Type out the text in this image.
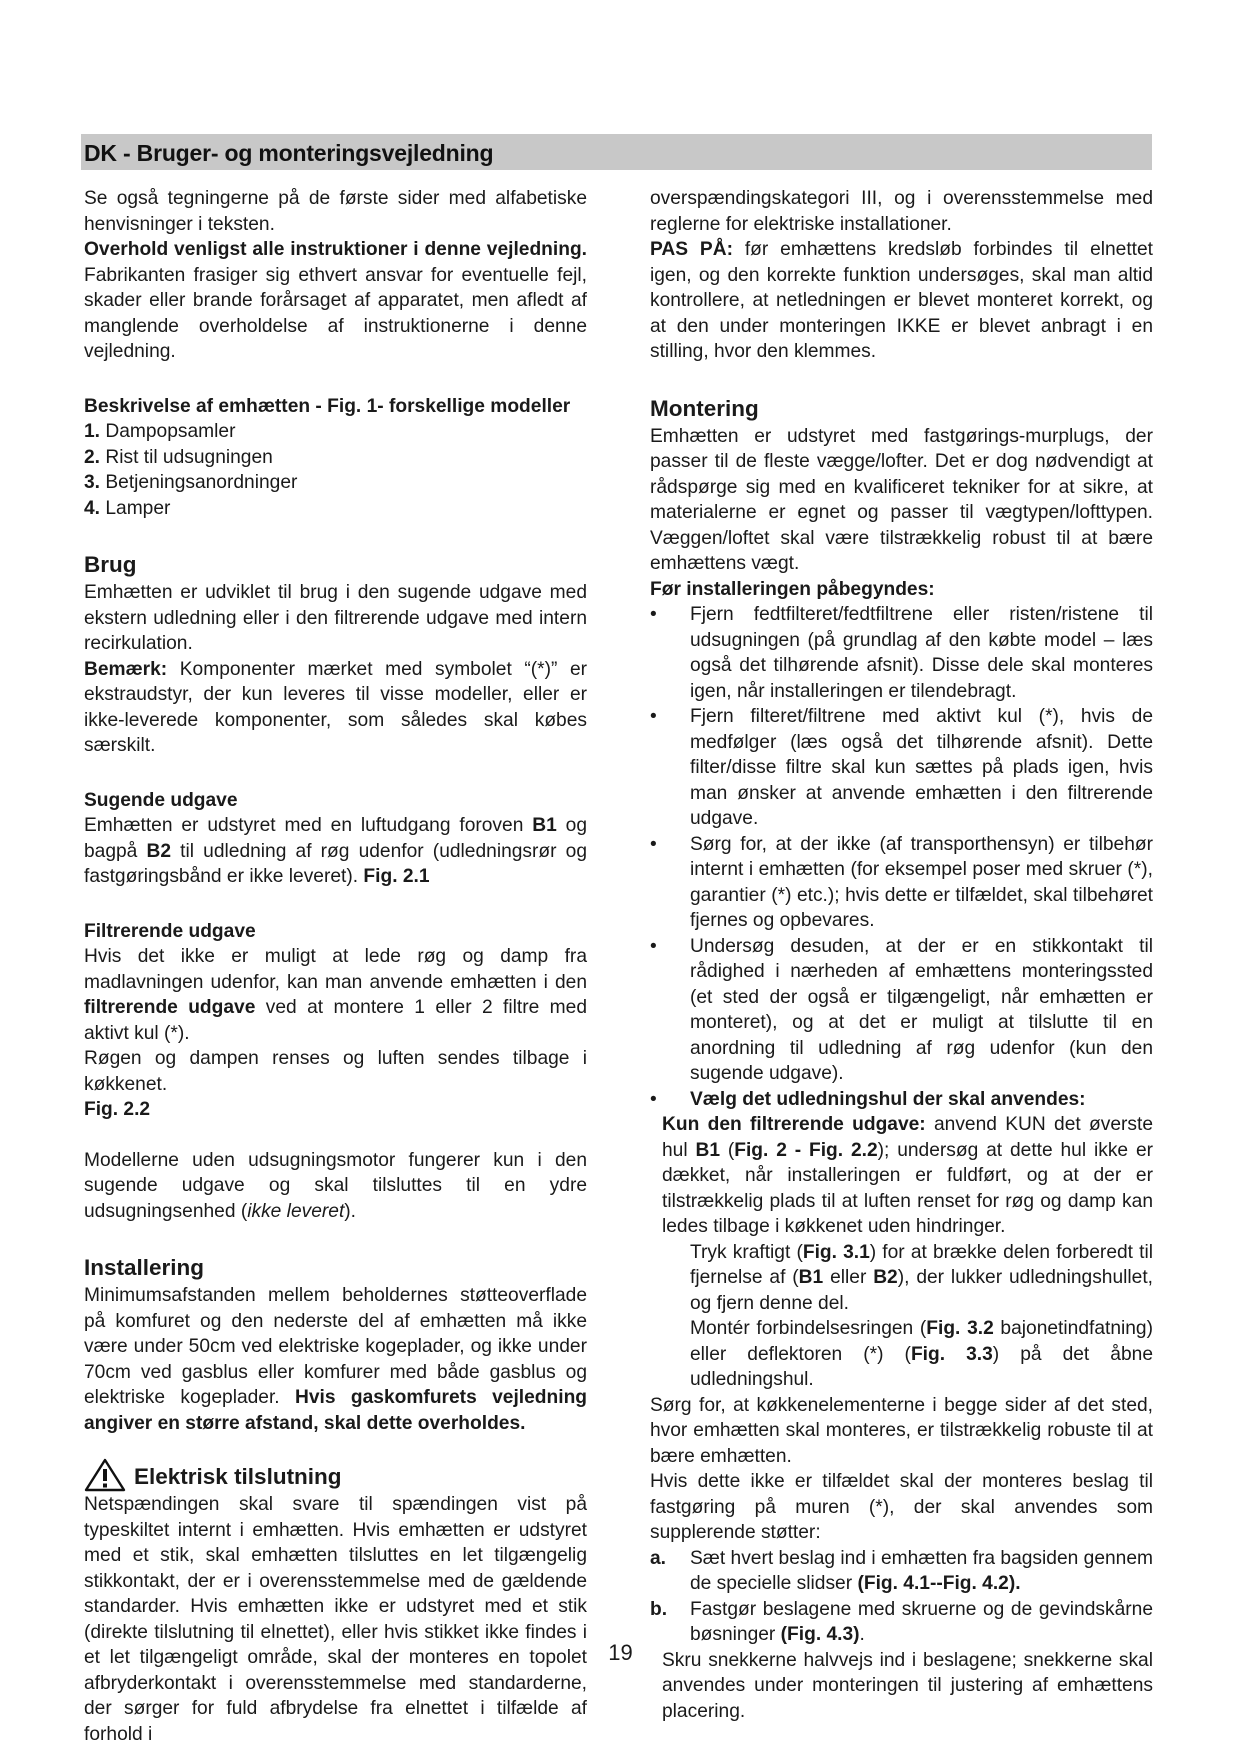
DK - Bruger- og monteringsvejledning

Se også tegningerne på de første sider med alfabetiske henvisninger i teksten.
Overhold venligst alle instruktioner i denne vejledning. Fabrikanten frasiger sig ethvert ansvar for eventuelle fejl, skader eller brande forårsaget af apparatet, men afledt af manglende overholdelse af instruktionerne i denne vejledning.

Beskrivelse af emhætten - Fig. 1- forskellige modeller
1. Dampopsamler
2. Rist til udsugningen
3. Betjeningsanordninger
4. Lamper
Brug

Emhætten er udviklet til brug i den sugende udgave med ekstern udledning eller i den filtrerende udgave med intern recirkulation.

Bemærk: Komponenter mærket med symbolet “(*)” er ekstraudstyr, der kun leveres til visse modeller, eller er ikke-leverede komponenter, som således skal købes særskilt.

Sugende udgave

Emhætten er udstyret med en luftudgang foroven B1 og bagpå B2 til udledning af røg udenfor (udledningsrør og fastgøringsbånd er ikke leveret). Fig. 2.1

Filtrerende udgave

Hvis det ikke er muligt at lede røg og damp fra madlavningen udenfor, kan man anvende emhætten i den filtrerende udgave ved at montere 1 eller 2 filtre med aktivt kul (*).
Røgen og dampen renses og luften sendes tilbage i køkkenet.
Fig. 2.2

Modellerne uden udsugningsmotor fungerer kun i den sugende udgave og skal tilsluttes til en ydre udsugningsenhed (ikke leveret).

Installering

Minimumsafstanden mellem beholdernes støtteoverflade på komfuret og den nederste del af emhætten må ikke være under 50cm ved elektriske kogeplader, og ikke under 70cm ved gasblus eller komfurer med både gasblus og elektriske kogeplader. Hvis gaskomfurets vejledning angiver en større afstand, skal dette overholdes.

Elektrisk tilslutning

Netspændingen skal svare til spændingen vist på typeskiltet internt i emhætten. Hvis emhætten er udstyret med et stik, skal emhætten tilsluttes en let tilgængelig stikkontakt, der er i overensstemmelse med de gældende standarder. Hvis emhætten ikke er udstyret med et stik (direkte tilslutning til elnettet), eller hvis stikket ikke findes i et let tilgængeligt område, skal der monteres en topolet afbryderkontakt i overensstemmelse med standarderne, der sørger for fuld afbrydelse fra elnettet i tilfælde af forhold i

overspændingskategori III, og i overensstemmelse med reglerne for elektriske installationer.

PAS PÅ: før emhættens kredsløb forbindes til elnettet igen, og den korrekte funktion undersøges, skal man altid kontrollere, at netledningen er blevet monteret korrekt, og at den under monteringen IKKE er blevet anbragt i en stilling, hvor den klemmes.

Montering

Emhætten er udstyret med fastgørings-murplugs, der passer til de fleste vægge/lofter. Det er dog nødvendigt at rådspørge sig med en kvalificeret tekniker for at sikre, at materialerne er egnet og passer til vægtypen/lofttypen. Væggen/loftet skal være tilstrækkelig robust til at bære emhættens vægt.

Før installeringen påbegyndes:
•	Fjern fedtfilteret/fedtfiltrene eller risten/ristene til udsugningen (på grundlag af den købte model – læs også det tilhørende afsnit). Disse dele skal monteres igen, når installeringen er tilendebragt.
•	Fjern filteret/filtrene med aktivt kul (*), hvis de medfølger (læs også det tilhørende afsnit). Dette filter/disse filtre skal kun sættes på plads igen, hvis man ønsker at anvende emhætten i den filtrerende udgave.
•	Sørg for, at der ikke (af transporthensyn) er tilbehør internt i emhætten (for eksempel poser med skruer (*), garantier (*) etc.); hvis dette er tilfældet, skal tilbehøret fjernes og opbevares.
•	Undersøg desuden, at der er en stikkontakt til rådighed i nærheden af emhættens monteringssted (et sted der også er tilgængeligt, når emhætten er monteret), og at det er muligt at tilslutte til en anordning til udledning af røg udenfor (kun den sugende udgave).
•	Vælg det udledningshul der skal anvendes:

Kun den filtrerende udgave: anvend KUN det øverste hul B1 (Fig. 2 - Fig. 2.2); undersøg at dette hul ikke er dækket, når installeringen er fuldført, og at der er tilstrækkelig plads til at luften renset for røg og damp kan ledes tilbage i køkkenet uden hindringer.

Tryk kraftigt (Fig. 3.1) for at brække delen forberedt til fjernelse af (B1 eller B2), der lukker udledningshullet, og fjern denne del.

Montér forbindelsesringen (Fig. 3.2 bajonetindfatning) eller deflektoren (*) (Fig. 3.3) på det åbne udledningshul.

Sørg for, at køkkenelementerne i begge sider af det sted, hvor emhætten skal monteres, er tilstrækkelig robuste til at bære emhætten.

Hvis dette ikke er tilfældet skal der monteres beslag til fastgøring på muren (*), der skal anvendes som supplerende støtter:

a. Sæt hvert beslag ind i emhætten fra bagsiden gennem de specielle slidser (Fig. 4.1--Fig. 4.2).
b. Fastgør beslagene med skruerne og de gevindskårne bøsninger (Fig. 4.3).

Skru snekkerne halvvejs ind i beslagene; snekkerne skal anvendes under monteringen til justering af emhættens placering.

19
